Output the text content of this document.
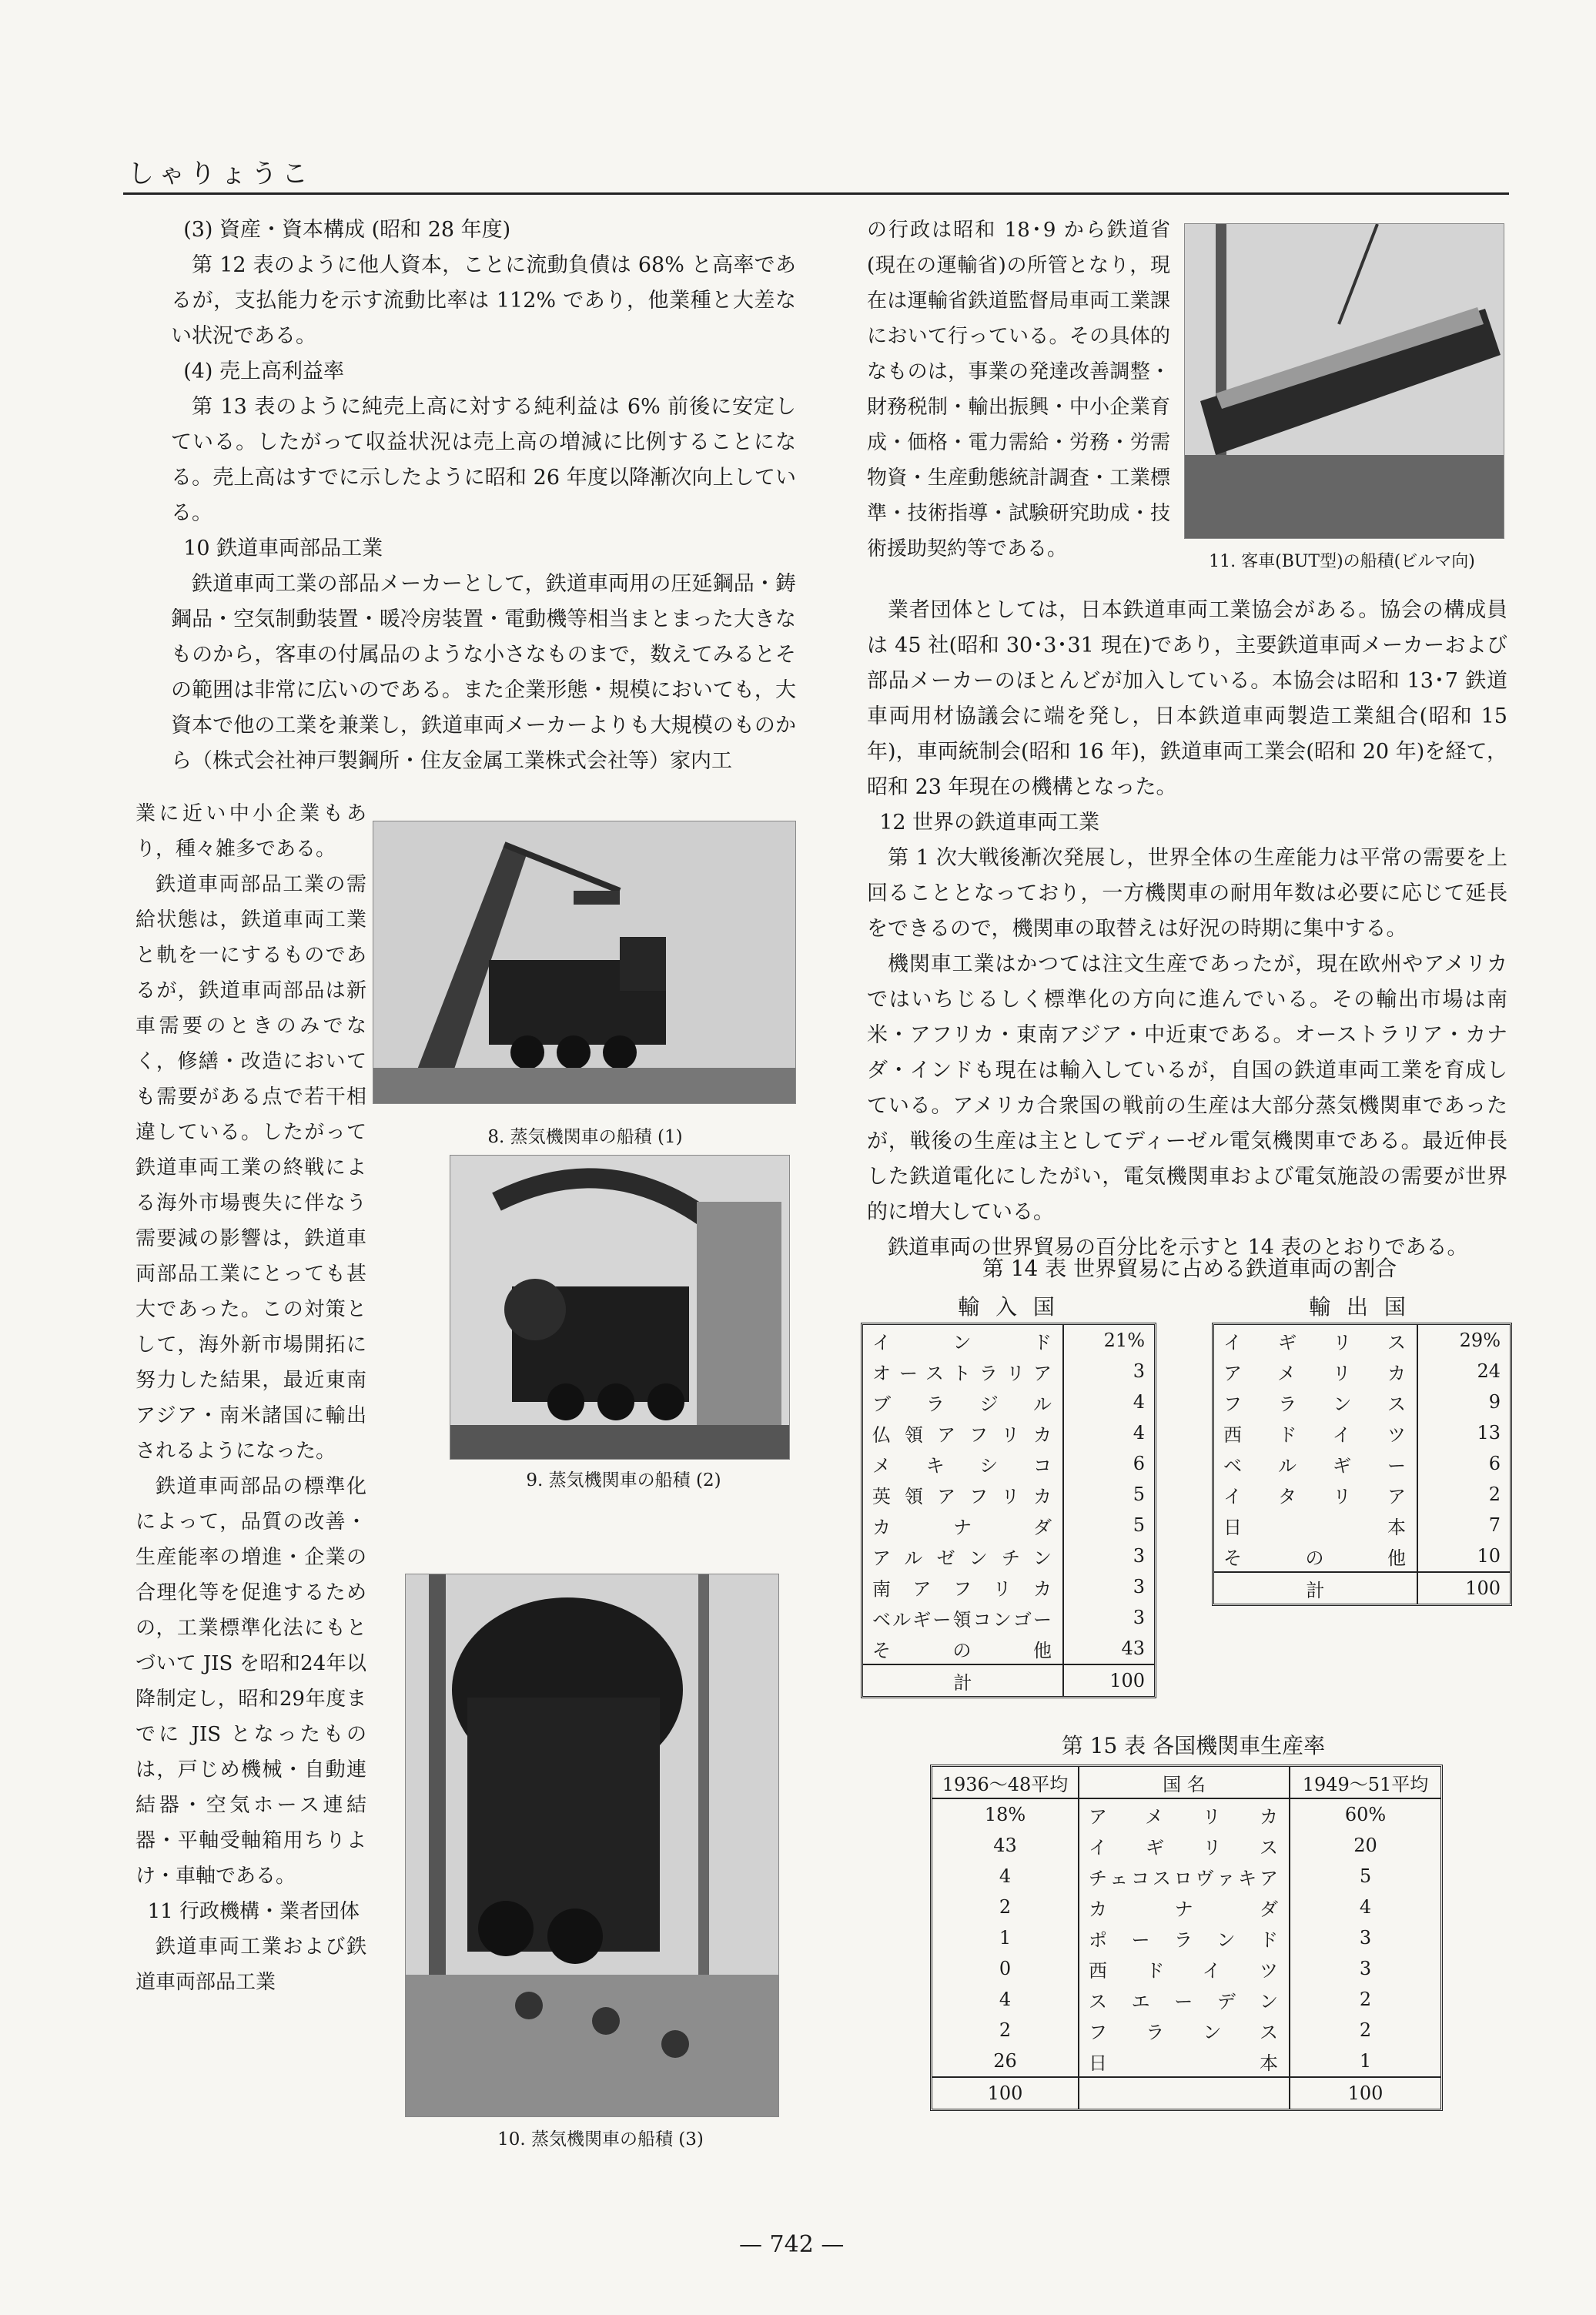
しゃりょうこ

(3) 資産・資本構成 (昭和 28 年度)

第 12 表のように他人資本，ことに流動負債は 68% と高率であるが，支払能力を示す流動比率は 112% であり，他業種と大差ない状況である。

(4) 売上高利益率

第 13 表のように純売上高に対する純利益は 6% 前後に安定している。したがって収益状況は売上高の増減に比例することになる。売上高はすでに示したように昭和 26 年度以降漸次向上している。

10 鉄道車両部品工業

鉄道車両工業の部品メーカーとして，鉄道車両用の圧延鋼品・鋳鋼品・空気制動装置・暖冷房装置・電動機等相当まとまった大きなものから，客車の付属品のような小さなものまで，数えてみるとその範囲は非常に広いのである。また企業形態・規模においても，大資本で他の工業を兼業し，鉄道車両メーカーよりも大規模のものから（株式会社神戸製鋼所・住友金属工業株式会社等）家内工

業に近い中小企業もあり，種々雑多である。

鉄道車両部品工業の需給状態は，鉄道車両工業と軌を一にするものであるが，鉄道車両部品は新車需要のときのみでなく，修繕・改造においても需要がある点で若干相違している。したがって鉄道車両工業の終戦による海外市場喪失に伴なう需要減の影響は，鉄道車両部品工業にとっても甚大であった。この対策として，海外新市場開拓に努力した結果，最近東南アジア・南米諸国に輸出されるようになった。

鉄道車両部品の標準化によって，品質の改善・生産能率の増進・企業の合理化等を促進するための，工業標準化法にもとづいて JIS を昭和24年以降制定し，昭和29年度までに JIS となったものは，戸じめ機械・自動連結器・空気ホース連結器・平軸受軸箱用ちりよけ・車軸である。

11 行政機構・業者団体

鉄道車両工業および鉄道車両部品工業

8. 蒸気機関車の船積 (1)
9. 蒸気機関車の船積 (2)
10. 蒸気機関車の船積 (3)

の行政は昭和 18･9 から鉄道省(現在の運輸省)の所管となり，現在は運輸省鉄道監督局車両工業課において行っている。その具体的なものは，事業の発達改善調整・財務税制・輸出振興・中小企業育成・価格・電力需給・労務・労需物資・生産動態統計調査・工業標準・技術指導・試験研究助成・技術援助契約等である。

11. 客車(BUT型)の船積(ビルマ向)

業者団体としては，日本鉄道車両工業協会がある。協会の構成員は 45 社(昭和 30･3･31 現在)であり，主要鉄道車両メーカーおよび部品メーカーのほとんどが加入している。本協会は昭和 13･7 鉄道車両用材協議会に端を発し，日本鉄道車両製造工業組合(昭和 15 年)，車両統制会(昭和 16 年)，鉄道車両工業会(昭和 20 年)を経て，昭和 23 年現在の機構となった。

12 世界の鉄道車両工業

第 1 次大戦後漸次発展し，世界全体の生産能力は平常の需要を上回ることとなっており，一方機関車の耐用年数は必要に応じて延長をできるので，機関車の取替えは好況の時期に集中する。

機関車工業はかつては注文生産であったが，現在欧州やアメリカではいちじるしく標準化の方向に進んでいる。その輸出市場は南米・アフリカ・東南アジア・中近東である。オーストラリア・カナダ・インドも現在は輸入しているが，自国の鉄道車両工業を育成している。アメリカ合衆国の戦前の生産は大部分蒸気機関車であったが，戦後の生産は主としてディーゼル電気機関車である。最近伸長した鉄道電化にしたがい，電気機関車および電気施設の需要が世界的に増大している。

鉄道車両の世界貿易の百分比を示すと 14 表のとおりである。

第 14 表 世界貿易に占める鉄道車両の割合
輸 入 国	輸 出 国
インド	21%
オーストラリア	3
ブラジル	4
仏領アフリカ	4
メキシコ	6
英領アフリカ	5
カナダ	5
アルゼンチン	3
南アフリカ	3
ベルギー領コンゴー	3
その他	43
計	100
イギリス	29%
アメリカ	24
フランス	9
西ドイツ	13
ベルギー	6
イタリア	2
日本	7
その他	10
計	100
第 15 表 各国機関車生産率
1936～48平均	国 名	1949～51平均
18%	アメリカ	60%
43	イギリス	20
4	チェコスロヴァキア	5
2	カナダ	4
1	ポーランド	3
0	西ドイツ	3
4	スエーデン	2
2	フランス	2
26	日本	1
100		100
— 742 —
